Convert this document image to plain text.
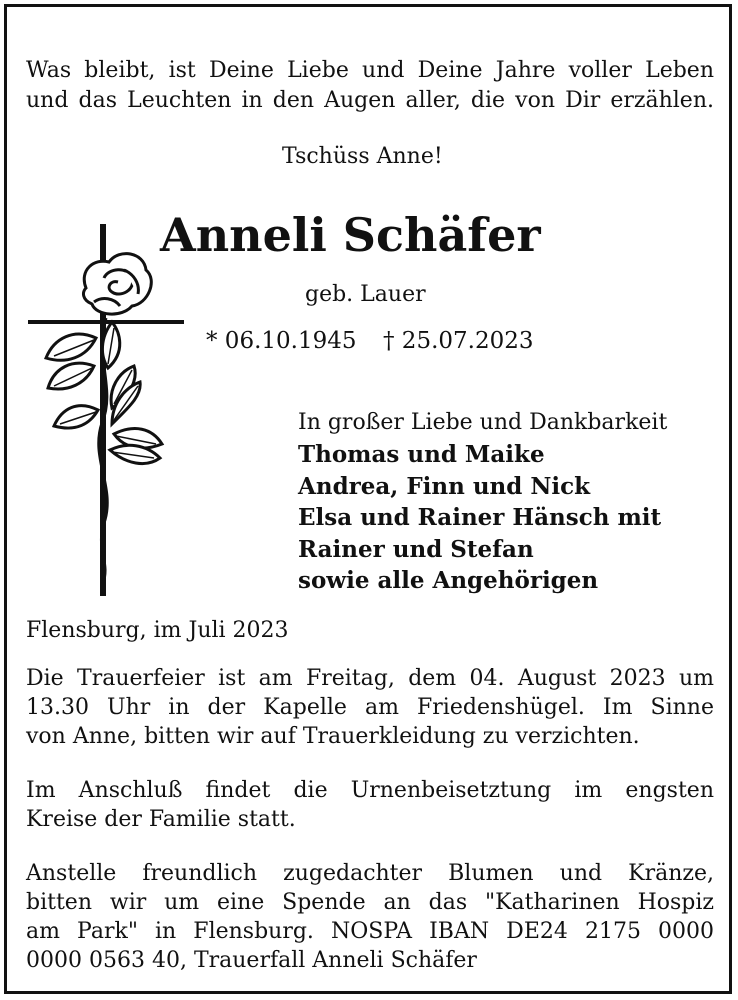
Was bleibt, ist Deine Liebe und Deine Jahre voller Leben
und das Leuchten in den Augen aller, die von Dir erzählen.
Tschüss Anne!
Anneli Schäfer
geb. Lauer
* 06.10.1945 † 25.07.2023
In großer Liebe und Dankbarkeit
Thomas und Maike
Andrea, Finn und Nick
Elsa und Rainer Hänsch mit
Rainer und Stefan
sowie alle Angehörigen
Flensburg, im Juli 2023
Die Trauerfeier ist am Freitag, dem 04. August 2023 um
13.30 Uhr in der Kapelle am Friedenshügel. Im Sinne
von Anne, bitten wir auf Trauerkleidung zu verzichten.
Im Anschluß findet die Urnenbeisetztung im engsten
Kreise der Familie statt.
Anstelle freundlich zugedachter Blumen und Kränze,
bitten wir um eine Spende an das "Katharinen Hospiz
am Park" in Flensburg. NOSPA IBAN DE24 2175 0000
0000 0563 40, Trauerfall Anneli Schäfer
